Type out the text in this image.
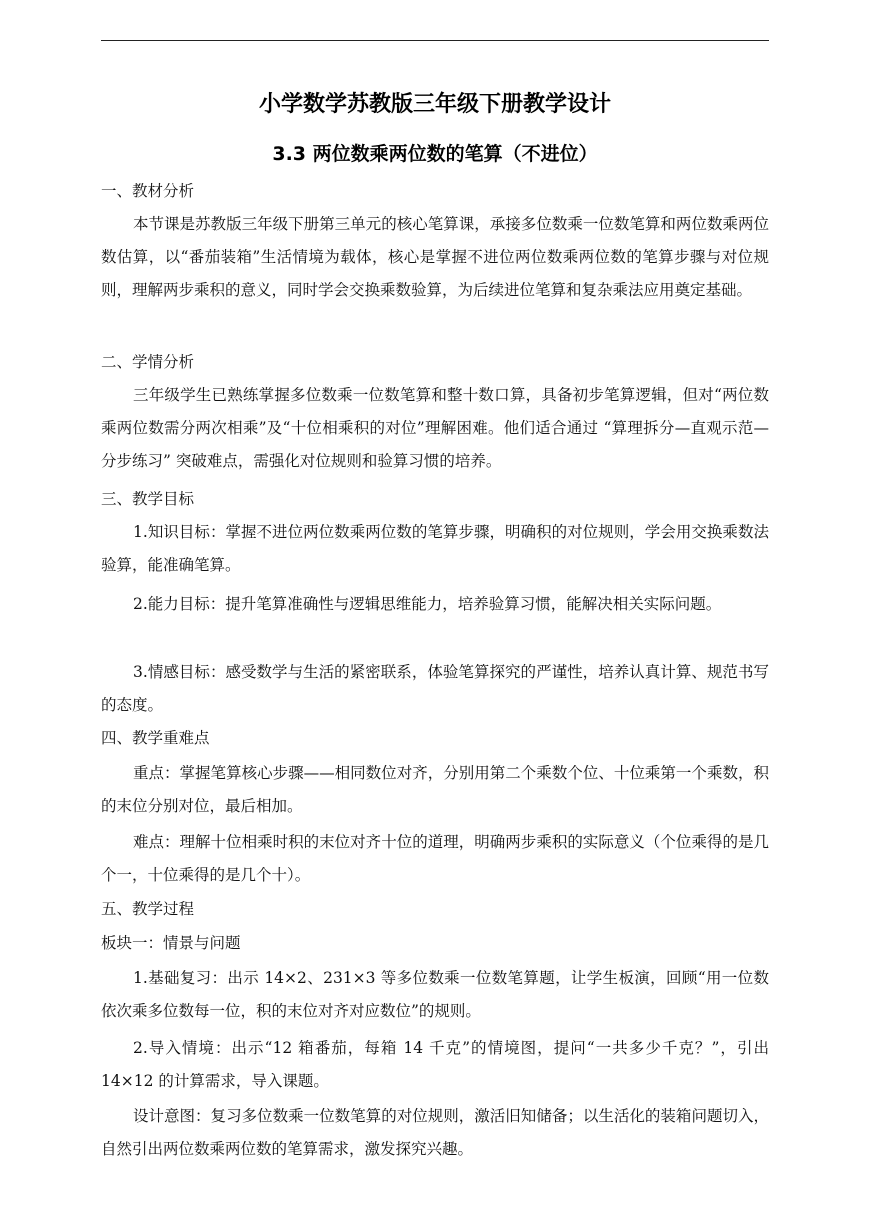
小学数学苏教版三年级下册教学设计
3.3 两位数乘两位数的笔算（不进位）
一、教材分析
本节课是苏教版三年级下册第三单元的核心笔算课，承接多位数乘一位数笔算和两位数乘两位数估算，以“番茄装箱”生活情境为载体，核心是掌握不进位两位数乘两位数的笔算步骤与对位规则，理解两步乘积的意义，同时学会交换乘数验算，为后续进位笔算和复杂乘法应用奠定基础。
二、学情分析
三年级学生已熟练掌握多位数乘一位数笔算和整十数口算，具备初步笔算逻辑，但对“两位数乘两位数需分两次相乘”及“十位相乘积的对位”理解困难。他们适合通过 “算理拆分—直观示范—分步练习” 突破难点，需强化对位规则和验算习惯的培养。
三、教学目标
1.知识目标：掌握不进位两位数乘两位数的笔算步骤，明确积的对位规则，学会用交换乘数法验算，能准确笔算。
2.能力目标：提升笔算准确性与逻辑思维能力，培养验算习惯，能解决相关实际问题。
3.情感目标：感受数学与生活的紧密联系，体验笔算探究的严谨性，培养认真计算、规范书写的态度。
四、教学重难点
重点：掌握笔算核心步骤——相同数位对齐，分别用第二个乘数个位、十位乘第一个乘数，积的末位分别对位，最后相加。
难点：理解十位相乘时积的末位对齐十位的道理，明确两步乘积的实际意义（个位乘得的是几个一，十位乘得的是几个十）。
五、教学过程
板块一：情景与问题
1.基础复习：出示 14×2、231×3 等多位数乘一位数笔算题，让学生板演，回顾“用一位数依次乘多位数每一位，积的末位对齐对应数位”的规则。
2.导入情境：出示“12 箱番茄，每箱 14 千克”的情境图，提问“一共多少千克？”，引出 14×12 的计算需求，导入课题。
设计意图：复习多位数乘一位数笔算的对位规则，激活旧知储备；以生活化的装箱问题切入，自然引出两位数乘两位数的笔算需求，激发探究兴趣。
